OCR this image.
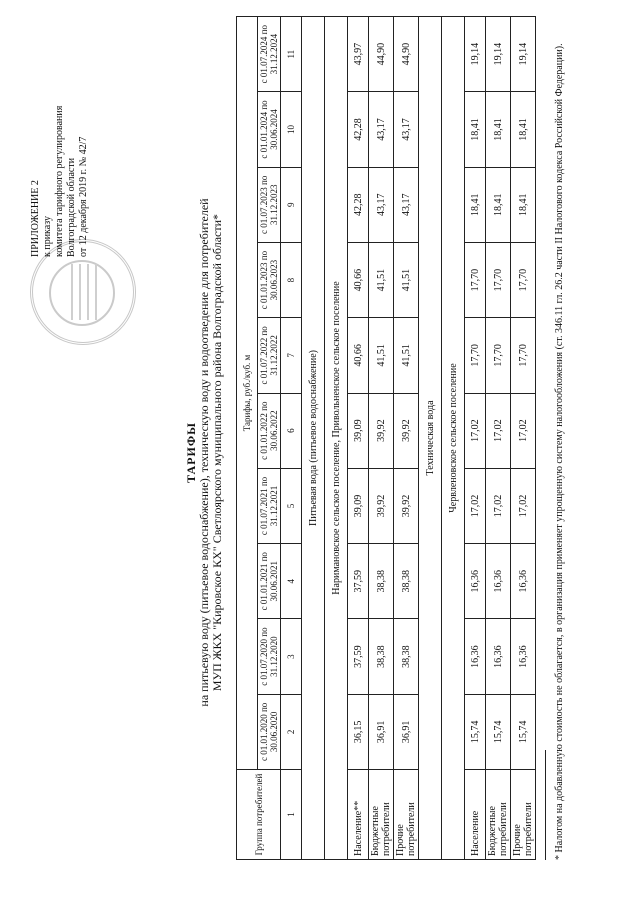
ПРИЛОЖЕНИЕ 2 к приказу комитета тарифного регулирования Волгоградской области от 12 декабря 2019 г. № 42/7
ТАРИФЫ на питьевую воду (питьевое водоснабжение), техническую воду и водоотведение для потребителей МУП ЖКХ "Кировское КХ" Светлоярского муниципального района Волгоградской области*
Группа потребителей	Тарифы, руб./куб. м									
	с 01.01.2020 по 30.06.2020	с 01.07.2020 по 31.12.2020	с 01.01.2021 по 30.06.2021	с 01.07.2021 по 31.12.2021	с 01.01.2022 по 30.06.2022	с 01.07.2022 по 31.12.2022	с 01.01.2023 по 30.06.2023	с 01.07.2023 по 31.12.2023	с 01.01.2024 по 30.06.2024	с 01.07.2024 по 31.12.2024
1	2	3	4	5	6	7	8	9	10	11
Питьевая вода (питьевое водоснабжение)										
Наримановское сельское поселение, Привольненское сельское поселение										
Население**	36,15	37,59	37,59	39,09	39,09	40,66	40,66	42,28	42,28	43,97
Бюджетные потребители	36,91	38,38	38,38	39,92	39,92	41,51	41,51	43,17	43,17	44,90
Прочие потребители	36,91	38,38	38,38	39,92	39,92	41,51	41,51	43,17	43,17	44,90
Техническая вода										
Червленовское сельское поселение										
Население	15,74	16,36	16,36	17,02	17,02	17,70	17,70	18,41	18,41	19,14
Бюджетные потребители	15,74	16,36	16,36	17,02	17,02	17,70	17,70	18,41	18,41	19,14
Прочие потребители	15,74	16,36	16,36	17,02	17,02	17,70	17,70	18,41	18,41	19,14	* Налогом на добавленную стоимость не облагается, в организация применяет упрощенную систему налогообложения (ст. 346.11 гл. 26.2 части II Налогового кодекса Российской Федерации).
